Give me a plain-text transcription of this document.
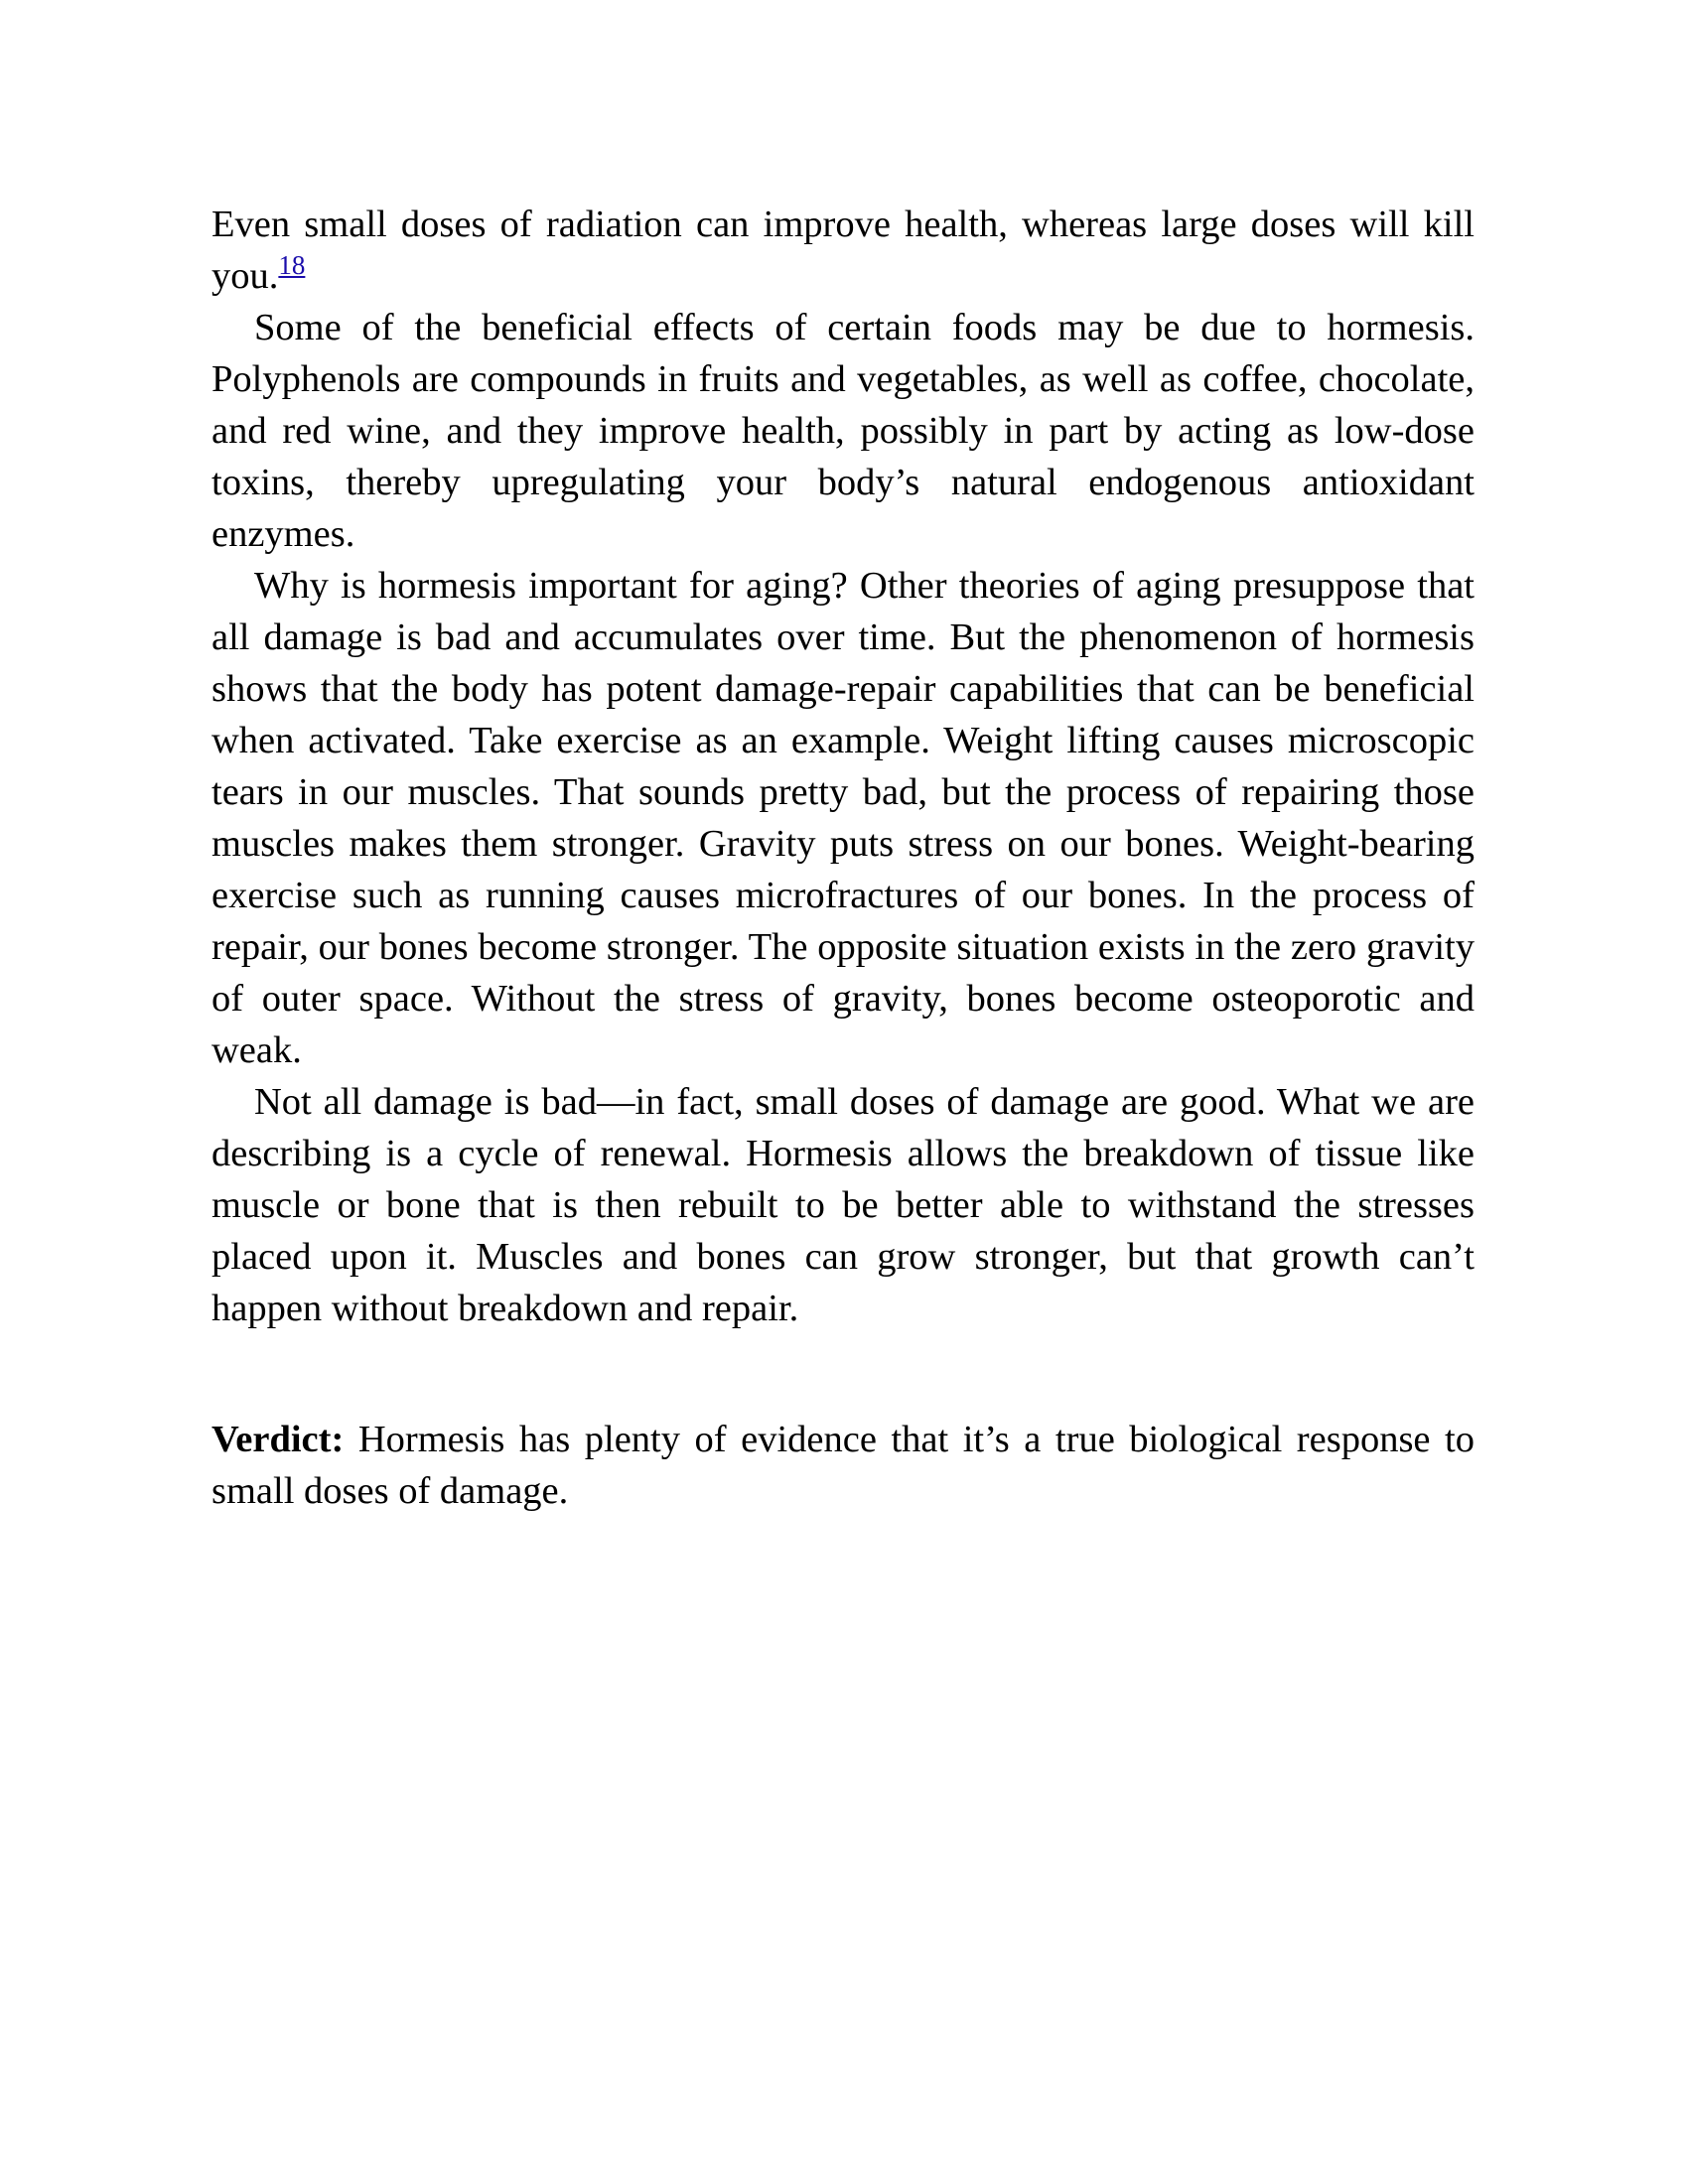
Even small doses of radiation can improve health, whereas large doses will kill you.$^{18}$

Some of the beneficial effects of certain foods may be due to hormesis. Polyphenols are compounds in fruits and vegetables, as well as coffee, chocolate, and red wine, and they improve health, possibly in part by acting as low-dose toxins, thereby upregulating your body’s natural endogenous antioxidant enzymes.

Why is hormesis important for aging? Other theories of aging presuppose that all damage is bad and accumulates over time. But the phenomenon of hormesis shows that the body has potent damage-repair capabilities that can be beneficial when activated. Take exercise as an example. Weight lifting causes microscopic tears in our muscles. That sounds pretty bad, but the process of repairing those muscles makes them stronger. Gravity puts stress on our bones. Weight-bearing exercise such as running causes microfractures of our bones. In the process of repair, our bones become stronger. The opposite situation exists in the zero gravity of outer space. Without the stress of gravity, bones become osteoporotic and weak.

Not all damage is bad—in fact, small doses of damage are good. What we are describing is a cycle of renewal. Hormesis allows the breakdown of tissue like muscle or bone that is then rebuilt to be better able to withstand the stresses placed upon it. Muscles and bones can grow stronger, but that growth can’t happen without breakdown and repair.

Verdict: Hormesis has plenty of evidence that it’s a true biological response to small doses of damage.
